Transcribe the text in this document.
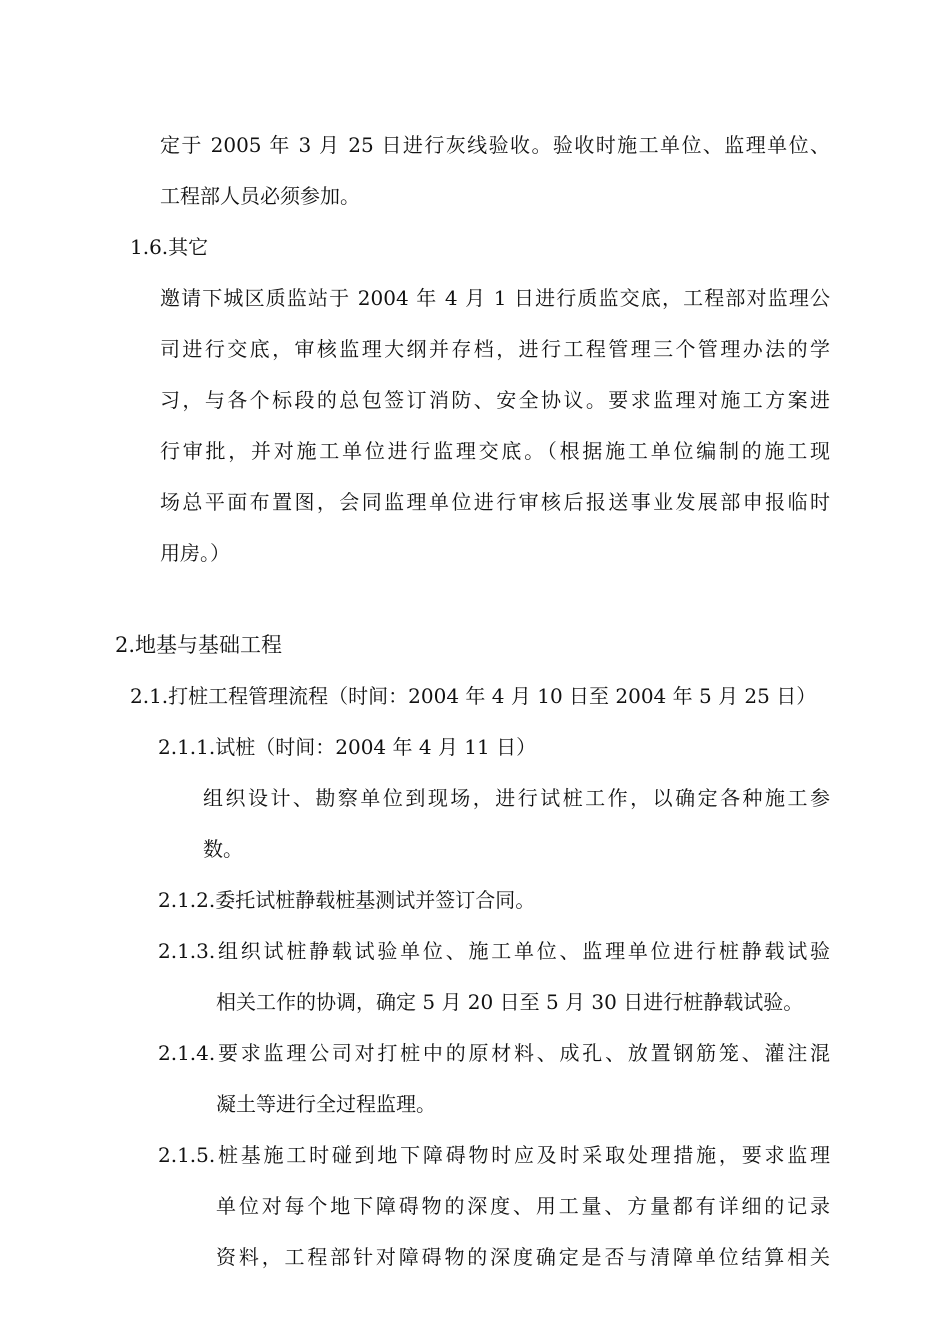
定于 2005 年 3 月 25 日进行灰线验收。验收时施工单位、监理单位、
工程部人员必须参加。
1.6.其它
邀请下城区质监站于 2004 年 4 月 1 日进行质监交底，工程部对监理公
司进行交底，审核监理大纲并存档，进行工程管理三个管理办法的学
习，与各个标段的总包签订消防、安全协议。要求监理对施工方案进
行审批，并对施工单位进行监理交底。（根据施工单位编制的施工现
场总平面布置图，会同监理单位进行审核后报送事业发展部申报临时
用房。）
2.地基与基础工程
2.1.打桩工程管理流程（时间：2004 年 4 月 10 日至 2004 年 5 月 25 日）
2.1.1.试桩（时间：2004 年 4 月 11 日）
组织设计、勘察单位到现场，进行试桩工作，以确定各种施工参
数。
2.1.2.委托试桩静载桩基测试并签订合同。
2.1.3.组织试桩静载试验单位、施工单位、监理单位进行桩静载试验
相关工作的协调，确定 5 月 20 日至 5 月 30 日进行桩静载试验。
2.1.4.要求监理公司对打桩中的原材料、成孔、放置钢筋笼、灌注混
凝土等进行全过程监理。
2.1.5.桩基施工时碰到地下障碍物时应及时采取处理措施，要求监理
单位对每个地下障碍物的深度、用工量、方量都有详细的记录
资料，工程部针对障碍物的深度确定是否与清障单位结算相关
